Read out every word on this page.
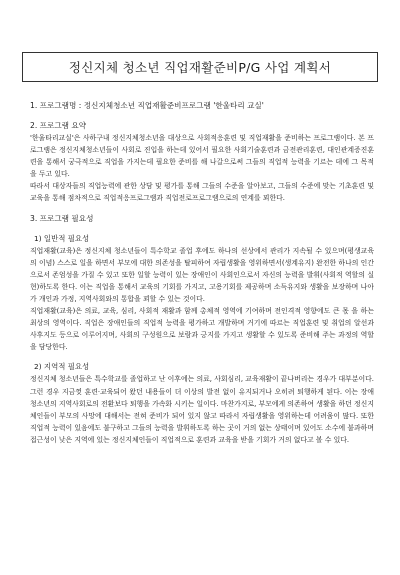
정신지체 청소년 직업재활준비P/G 사업 계획서
1. 프로그램명 : 정신지체청소년 직업재활준비프로그램 '한울타리 교실'
2. 프로그램 요약

'한울타리교실'은 사하구내 정신지체청소년을 대상으로 사회적응훈련 및 직업재활을 준비하는 프로그램이다. 본 프로그램은 정신지체청소년들이 사회로 진입을 하는데 있어서 필요한 사회기술훈련과 금전관리훈련, 대인관계증진훈련을 통해서 궁극적으로 직업을 가지는데 필요한 준비를 해 나갈으로써 그들의 직업적 능력을 기르는 데에 그 목적을 두고 있다.

따라서 대상자들의 직업능력에 관한 상담 및 평가를 통해 그들의 수준을 알아보고, 그들의 수준에 맞는 기초훈련 및 교육을 통해 점차적으로 직업적응프로그램과 직업전로프로그램으로의 연계를 꾀한다.

3. 프로그램 필요성
1) 일반적 필요성

직업재활(교육)은 정신지체 청소년들이 특수학교 졸업 후에도 하나의 선상에서 관리가 지속될 수 있으며(평생교육의 이념) 스스로 일을 하면서 부모에 대한 의존성을 탈피하여 자립생활을 영위하면서(생계유지) 완전한 하나의 인간으로서 존엄성을 가질 수 있고 또한 일할 능력이 있는 장애인이 사회인으로서 자신의 능력을 발휘(사회적 역할의 실현)하도록 한다. 이는 직업을 통해서 교육의 기회를 가지고, 고용기회를 제공하며 소득유지와 생활을 보장하며 나아가 개인과 가정, 지역사회와의 통합을 꾀할 수 있는 것이다.

직업재활(교육)은 의료, 교육, 심리, 사회적 재활과 함께 총체적 영역에 기여하며 전인격적 영향에도 큰 몫 을 하는 최상의 영역이다. 직업은 장애인들의 직업적 능력을 평가하고 개발하며 거기에 따르는 직업훈련 및 취업의 알선과 사후지도 등으로 이루어지며, 사회의 구성원으로 보람과 긍지를 가지고 생활할 수 있도록 준비해 주는 과정의 역할을 담당한다.

2) 지역적 필요성

정신지체 청소년들은 특수학교를 졸업하고 난 이후에는 의료, 사회심리, 교육재활이 끝나버리는 경우가 대부분이다. 그런 경우 지금껏 훈련·교육되어 왔던 내용들이 더 이상의 발전 없이 유지되거나 오히려 퇴행하게 된다. 이는 장애 청소년의 지역사회로의 전환보다 퇴행을 가속화 시키는 일이다. 마찬가지로, 부모에게 의존하여 생활을 하던 정신지체인들이 부모의 사망에 대해서는 전혀 준비가 되어 있지 않고 따라서 자립생활을 영위하는데 어려움이 많다. 또한 직업적 능력이 있음에도 불구하고 그들의 능력을 발휘하도록 하는 곳이 거의 없는 상태이며 있어도 소수에 불과하며 접근성이 낮은 지역에 있는 정신지체인들이 직업적으로 훈련과 교육을 받을 기회가 거의 없다고 볼 수 있다.
